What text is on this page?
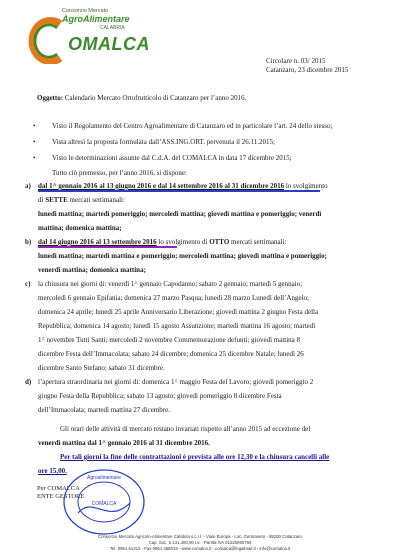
Consorzio Mercato
AgroAlimentare
CALABRIA
OMALCA
Circolare n. 03/ 2015
Catanzaro, 23 dicembre 2015
Oggetto: Calendario Mercato Ortofrutticolo di Catanzaro per l’anno 2016.
• Visto il Regolamento del Centro Agroalimentare di Catanzaro ed in particolare l’art. 24 dello stesso;
• Vista altresì la proposta formulata dall’ASS.ING.ORT. pervenuta il 26.11.2015;
• Visto le determinazioni assunte dal C.d.A. del COMALCA in data 17 dicembre 2015;
Tutto ciò premesso, per l’anno 2016, si dispone:
a) dal 1^ gennaio 2016 al 13 giugno 2016 e dal 14 settembre 2016 al 31 dicembre 2016 lo svolgimento
di SETTE mercati settimanali:
lunedì mattina; martedì pomeriggio; mercoledì mattina; giovedì mattina e pomeriggio; venerdì
mattina; domenica mattina;
b) dal 14 giugno 2016 al 13 settembre 2016 lo svolgimento di OTTO mercati settimanali:
lunedì mattina; martedì mattina e pomeriggio; mercoledì mattina; giovedì mattina e pomeriggio;
venerdì mattina; domenica mattina;
c) la chiusura nei giorni di: venerdì 1^ gennaio Capodanno; sabato 2 gennaio; martedì 5 gennaio;
mercoledì 6 gennaio Epifania; domenica 27 marzo Pasqua; lunedì 28 marzo Lunedì dell’Angelo;
domenica 24 aprile; lunedì 25 aprile Anniversario Liberazione; giovedì mattina 2 giugno Festa della
Repubblica; domenica 14 agosto; lunedì 15 agosto Assunzione; martedì mattina 16 agosto; martedì
1^ novembre Tutti Santi; mercoledì 2 novembre Commemorazione defunti; giovedì mattina 8
dicembre Festa dell’Immacolata; sabato 24 dicembre; domenica 25 dicembre Natale; lunedì 26
dicembre Santo Stefano; sabato 31 dicembre.
d) l’apertura straordinaria nei giorni di: domenica 1^ maggio Festa del Lavoro; giovedì pomeriggio 2
giugno Festa della Repubblica; sabato 13 agosto; giovedì pomeriggio 8 dicembre Festa
dell’Immacolata; martedì mattina 27 dicembre.
Gli orari delle attività di mercato restano invariati rispetto all’anno 2015 ad eccezione del
venerdì mattina dal 1^ gennaio 2016 al 31 dicembre 2016.
Per tali giorni la fine delle contrattazioni è prevista alle ore 12,30 e la chiusura cancelli alle
ore 15,00.
Per COMALCA
ENTE GESTORE
Agroalimentare
COMALCA
Consorzio Mercato Agricolo-Alimentare Calabria s.c.r.l. - Viale Europa - Loc. Germaneto - 88100 Catanzaro
Cap. Soc. 5.131.400,00 i.v. - Partita IVA 01226060794
Tel. 0961 61312 - Fax 0961 368019 - www.comalca.it - comalca@legalmail.it - info@comalca.it
